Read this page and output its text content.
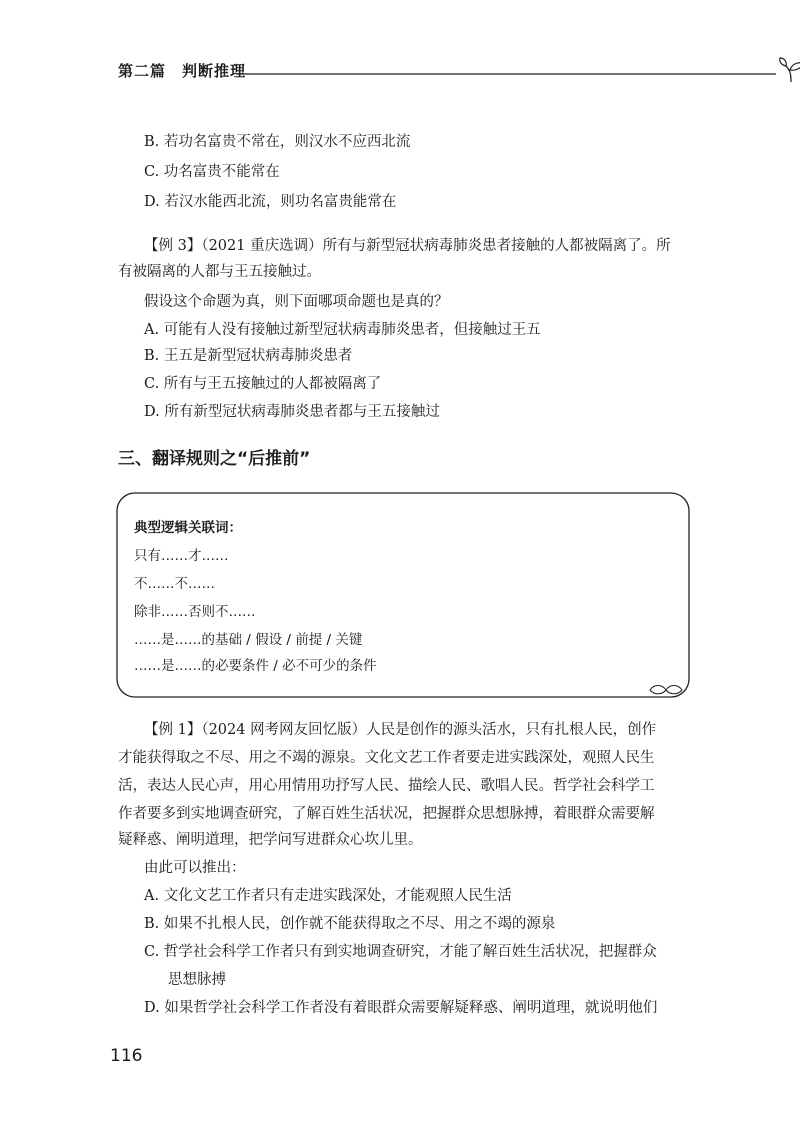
第二篇　判断推理
B. 若功名富贵不常在，则汉水不应西北流
C. 功名富贵不能常在
D. 若汉水能西北流，则功名富贵能常在
【例 3】（2021 重庆选调）所有与新型冠状病毒肺炎患者接触的人都被隔离了。所
有被隔离的人都与王五接触过。
假设这个命题为真，则下面哪项命题也是真的？
A. 可能有人没有接触过新型冠状病毒肺炎患者，但接触过王五
B. 王五是新型冠状病毒肺炎患者
C. 所有与王五接触过的人都被隔离了
D. 所有新型冠状病毒肺炎患者都与王五接触过
三、翻译规则之“后推前”
典型逻辑关联词：
只有……才……
不……不……
除非……否则不……
……是……的基础 / 假设 / 前提 / 关键
……是……的必要条件 / 必不可少的条件
【例 1】（2024 网考网友回忆版）人民是创作的源头活水，只有扎根人民，创作
才能获得取之不尽、用之不竭的源泉。文化文艺工作者要走进实践深处，观照人民生
活，表达人民心声，用心用情用功抒写人民、描绘人民、歌唱人民。哲学社会科学工
作者要多到实地调查研究，了解百姓生活状况，把握群众思想脉搏，着眼群众需要解
疑释惑、阐明道理，把学问写进群众心坎儿里。
由此可以推出：
A. 文化文艺工作者只有走进实践深处，才能观照人民生活
B. 如果不扎根人民，创作就不能获得取之不尽、用之不竭的源泉
C. 哲学社会科学工作者只有到实地调查研究，才能了解百姓生活状况，把握群众
思想脉搏
D. 如果哲学社会科学工作者没有着眼群众需要解疑释惑、阐明道理，就说明他们
116
